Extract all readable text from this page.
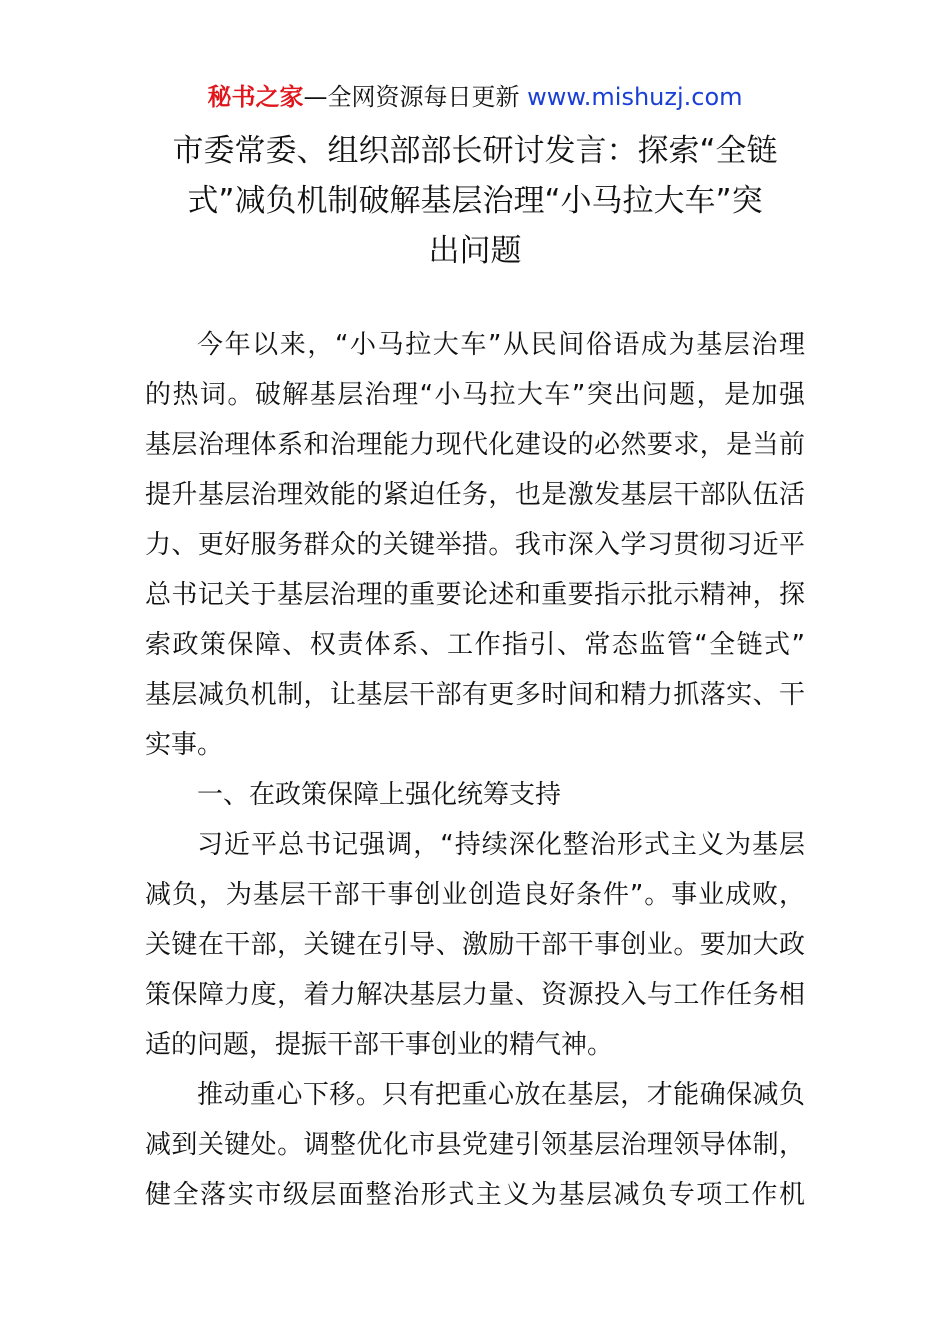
秘书之家—全网资源每日更新 www.mishuzj.com
市委常委、组织部部长研讨发言：探索“全链
式”减负机制破解基层治理“小马拉大车”突
出问题
今年以来，“小马拉大车”从民间俗语成为基层治理
的热词。破解基层治理“小马拉大车”突出问题，是加强
基层治理体系和治理能力现代化建设的必然要求，是当前
提升基层治理效能的紧迫任务，也是激发基层干部队伍活
力、更好服务群众的关键举措。我市深入学习贯彻习近平
总书记关于基层治理的重要论述和重要指示批示精神，探
索政策保障、权责体系、工作指引、常态监管“全链式”
基层减负机制，让基层干部有更多时间和精力抓落实、干
实事。
一、在政策保障上强化统筹支持
习近平总书记强调，“持续深化整治形式主义为基层
减负，为基层干部干事创业创造良好条件”。事业成败，
关键在干部，关键在引导、激励干部干事创业。要加大政
策保障力度，着力解决基层力量、资源投入与工作任务相
适的问题，提振干部干事创业的精气神。
推动重心下移。只有把重心放在基层，才能确保减负
减到关键处。调整优化市县党建引领基层治理领导体制，
健全落实市级层面整治形式主义为基层减负专项工作机
